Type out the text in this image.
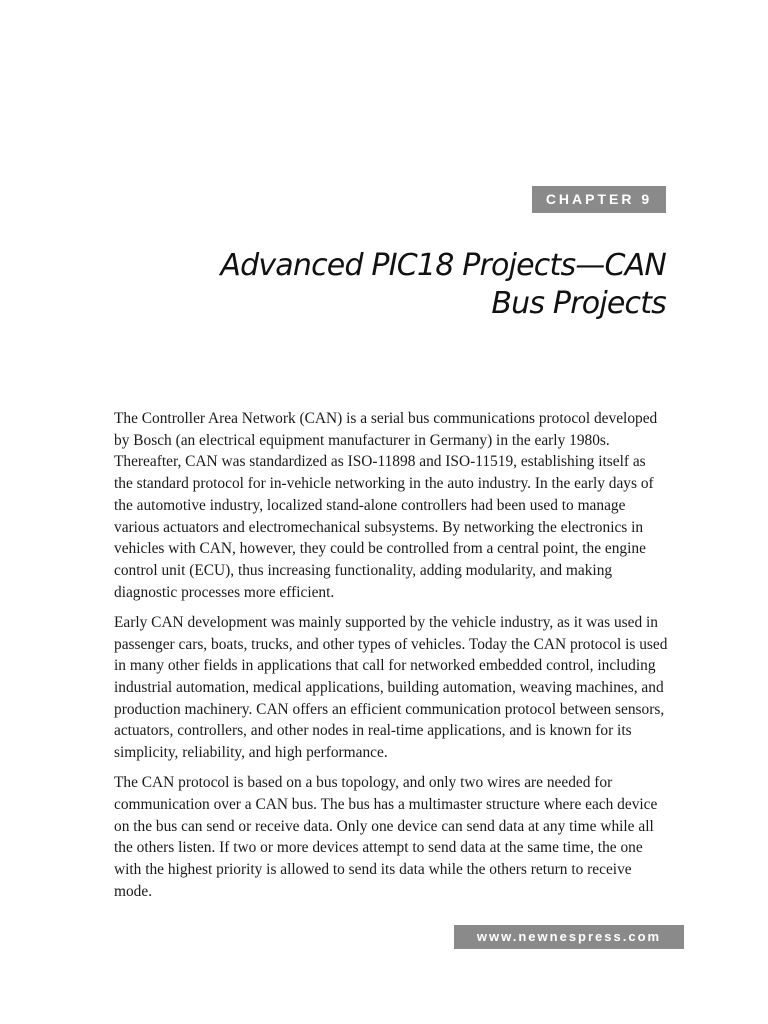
CHAPTER 9
Advanced PIC18 Projects—CAN
Bus Projects

The Controller Area Network (CAN) is a serial bus communications protocol developed by Bosch (an electrical equipment manufacturer in Germany) in the early 1980s. Thereafter, CAN was standardized as ISO-11898 and ISO-11519, establishing itself as the standard protocol for in-vehicle networking in the auto industry. In the early days of the automotive industry, localized stand-alone controllers had been used to manage various actuators and electromechanical subsystems. By networking the electronics in vehicles with CAN, however, they could be controlled from a central point, the engine control unit (ECU), thus increasing functionality, adding modularity, and making diagnostic processes more efficient.

Early CAN development was mainly supported by the vehicle industry, as it was used in passenger cars, boats, trucks, and other types of vehicles. Today the CAN protocol is used in many other fields in applications that call for networked embedded control, including industrial automation, medical applications, building automation, weaving machines, and production machinery. CAN offers an efficient communication protocol between sensors, actuators, controllers, and other nodes in real-time applications, and is known for its simplicity, reliability, and high performance.

The CAN protocol is based on a bus topology, and only two wires are needed for communication over a CAN bus. The bus has a multimaster structure where each device on the bus can send or receive data. Only one device can send data at any time while all the others listen. If two or more devices attempt to send data at the same time, the one with the highest priority is allowed to send its data while the others return to receive mode.

www.newnespress.com
